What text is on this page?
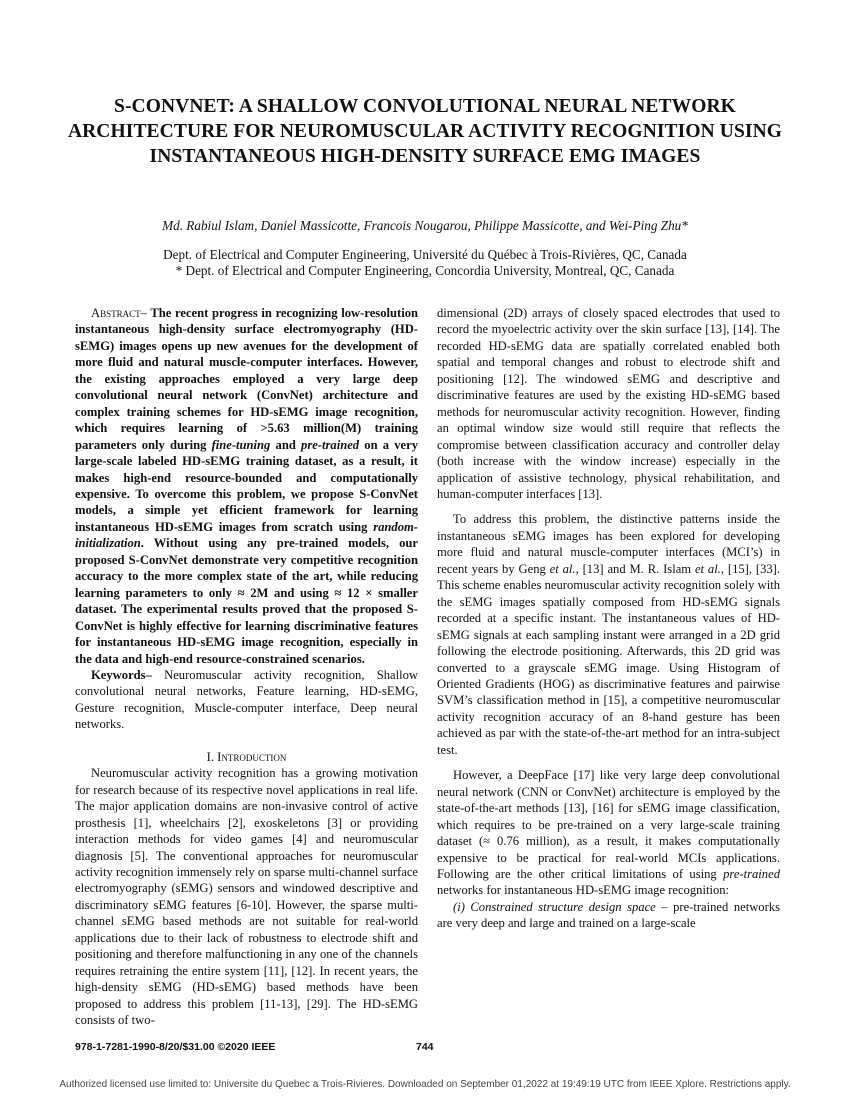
S-CONVNET: A SHALLOW CONVOLUTIONAL NEURAL NETWORK ARCHITECTURE FOR NEUROMUSCULAR ACTIVITY RECOGNITION USING INSTANTANEOUS HIGH-DENSITY SURFACE EMG IMAGES
Md. Rabiul Islam, Daniel Massicotte, Francois Nougarou, Philippe Massicotte, and Wei-Ping Zhu*
Dept. of Electrical and Computer Engineering, Université du Québec à Trois-Rivières, QC, Canada
* Dept. of Electrical and Computer Engineering, Concordia University, Montreal, QC, Canada

Abstract– The recent progress in recognizing low-resolution instantaneous high-density surface electromyography (HD-sEMG) images opens up new avenues for the development of more fluid and natural muscle-computer interfaces. However, the existing approaches employed a very large deep convolutional neural network (ConvNet) architecture and complex training schemes for HD-sEMG image recognition, which requires learning of >5.63 million(M) training parameters only during fine-tuning and pre-trained on a very large-scale labeled HD-sEMG training dataset, as a result, it makes high-end resource-bounded and computationally expensive. To overcome this problem, we propose S-ConvNet models, a simple yet efficient framework for learning instantaneous HD-sEMG images from scratch using random-initialization. Without using any pre-trained models, our proposed S-ConvNet demonstrate very competitive recognition accuracy to the more complex state of the art, while reducing learning parameters to only ≈ 2M and using ≈ 12 × smaller dataset. The experimental results proved that the proposed S-ConvNet is highly effective for learning discriminative features for instantaneous HD-sEMG image recognition, especially in the data and high-end resource-constrained scenarios.

Keywords– Neuromuscular activity recognition, Shallow convolutional neural networks, Feature learning, HD-sEMG, Gesture recognition, Muscle-computer interface, Deep neural networks.

I. Introduction

Neuromuscular activity recognition has a growing motivation for research because of its respective novel applications in real life. The major application domains are non-invasive control of active prosthesis [1], wheelchairs [2], exoskeletons [3] or providing interaction methods for video games [4] and neuromuscular diagnosis [5]. The conventional approaches for neuromuscular activity recognition immensely rely on sparse multi-channel surface electromyography (sEMG) sensors and windowed descriptive and discriminatory sEMG features [6-10]. However, the sparse multi-channel sEMG based methods are not suitable for real-world applications due to their lack of robustness to electrode shift and positioning and therefore malfunctioning in any one of the channels requires retraining the entire system [11], [12]. In recent years, the high-density sEMG (HD-sEMG) based methods have been proposed to address this problem [11-13], [29]. The HD-sEMG consists of two-

dimensional (2D) arrays of closely spaced electrodes that used to record the myoelectric activity over the skin surface [13], [14]. The recorded HD-sEMG data are spatially correlated enabled both spatial and temporal changes and robust to electrode shift and positioning [12]. The windowed sEMG and descriptive and discriminative features are used by the existing HD-sEMG based methods for neuromuscular activity recognition. However, finding an optimal window size would still require that reflects the compromise between classification accuracy and controller delay (both increase with the window increase) especially in the application of assistive technology, physical rehabilitation, and human-computer interfaces [13].

To address this problem, the distinctive patterns inside the instantaneous sEMG images has been explored for developing more fluid and natural muscle-computer interfaces (MCI’s) in recent years by Geng et al., [13] and M. R. Islam et al., [15], [33]. This scheme enables neuromuscular activity recognition solely with the sEMG images spatially composed from HD-sEMG signals recorded at a specific instant. The instantaneous values of HD-sEMG signals at each sampling instant were arranged in a 2D grid following the electrode positioning. Afterwards, this 2D grid was converted to a grayscale sEMG image. Using Histogram of Oriented Gradients (HOG) as discriminative features and pairwise SVM’s classification method in [15], a competitive neuromuscular activity recognition accuracy of an 8-hand gesture has been achieved as par with the state-of-the-art method for an intra-subject test.

However, a DeepFace [17] like very large deep convolutional neural network (CNN or ConvNet) architecture is employed by the state-of-the-art methods [13], [16] for sEMG image classification, which requires to be pre-trained on a very large-scale training dataset (≈ 0.76 million), as a result, it makes computationally expensive to be practical for real-world MCIs applications. Following are the other critical limitations of using pre-trained networks for instantaneous HD-sEMG image recognition:

(i) Constrained structure design space – pre-trained networks are very deep and large and trained on a large-scale

978-1-7281-1990-8/20/$31.00 ©2020 IEEE	744
Authorized licensed use limited to: Universite du Quebec a Trois-Rivieres. Downloaded on September 01,2022 at 19:49:19 UTC from IEEE Xplore. Restrictions apply.
